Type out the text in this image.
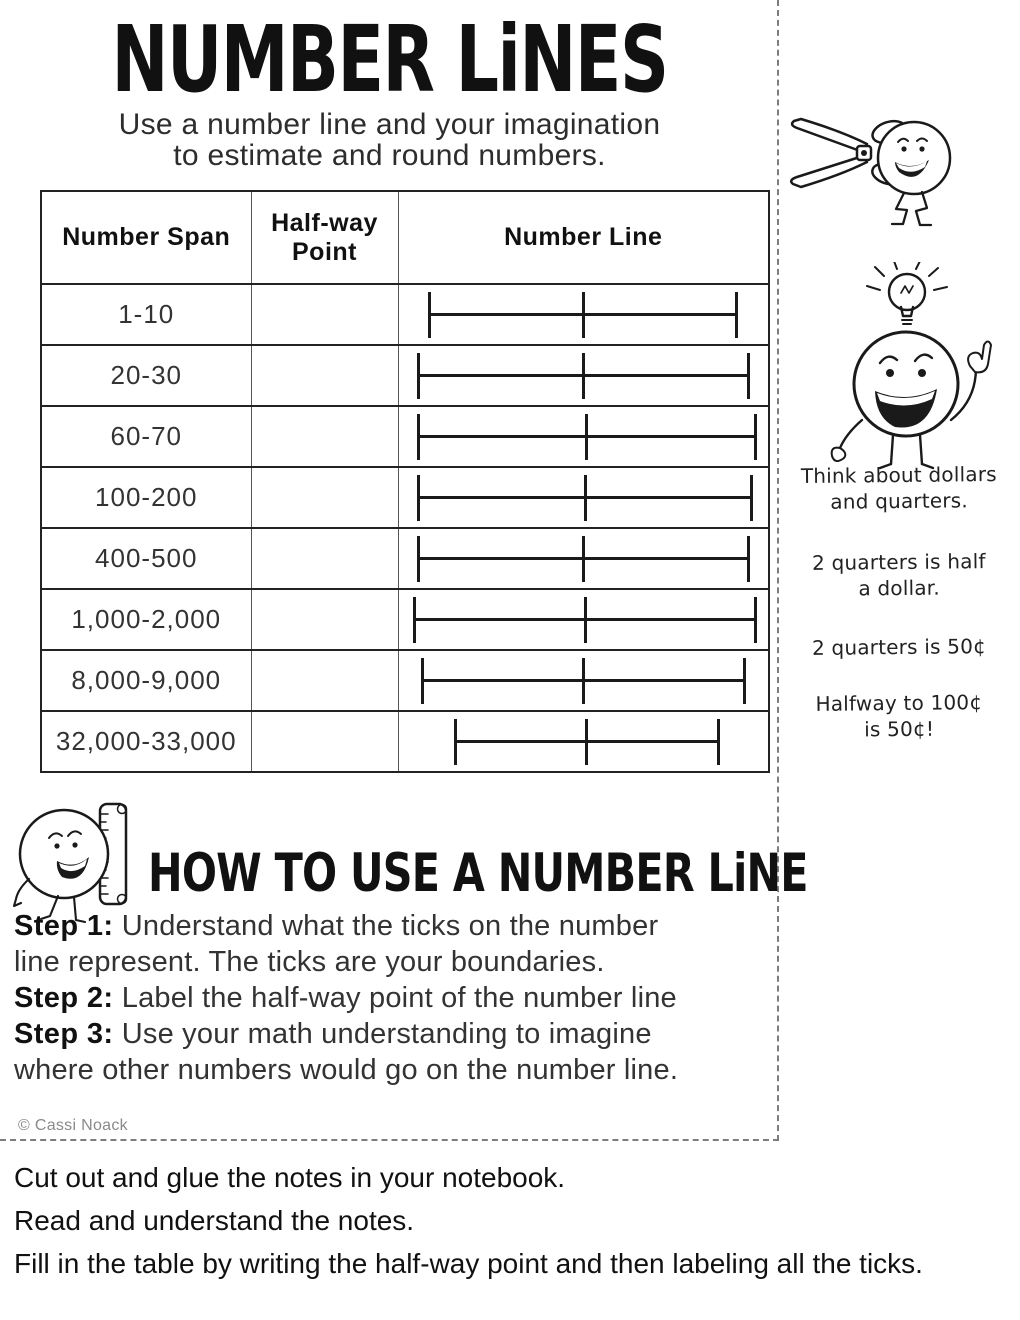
NUMBER LiNES
Use a number line and your imagination
to estimate and round numbers.
Number Span	Half-way Point	Number Line
1-10		

20-30		

60-70		

100-200		

400-500		

1,000-2,000		

8,000-9,000		

32,000-33,000		
Think about dollars
and quarters.
2 quarters is half
a dollar.
2 quarters is 50¢
Halfway to 100¢
is 50¢!
HOW TO USE A NUMBER LiNE
Step 1: Understand what the ticks on the number
line represent. The ticks are your boundaries.
Step 2: Label the half-way point of the number line
Step 3: Use your math understanding to imagine
where other numbers would go on the number line.
© Cassi Noack
Cut out and glue the notes in your notebook.
Read and understand the notes.
Fill in the table by writing the half-way point and then labeling all the ticks.
